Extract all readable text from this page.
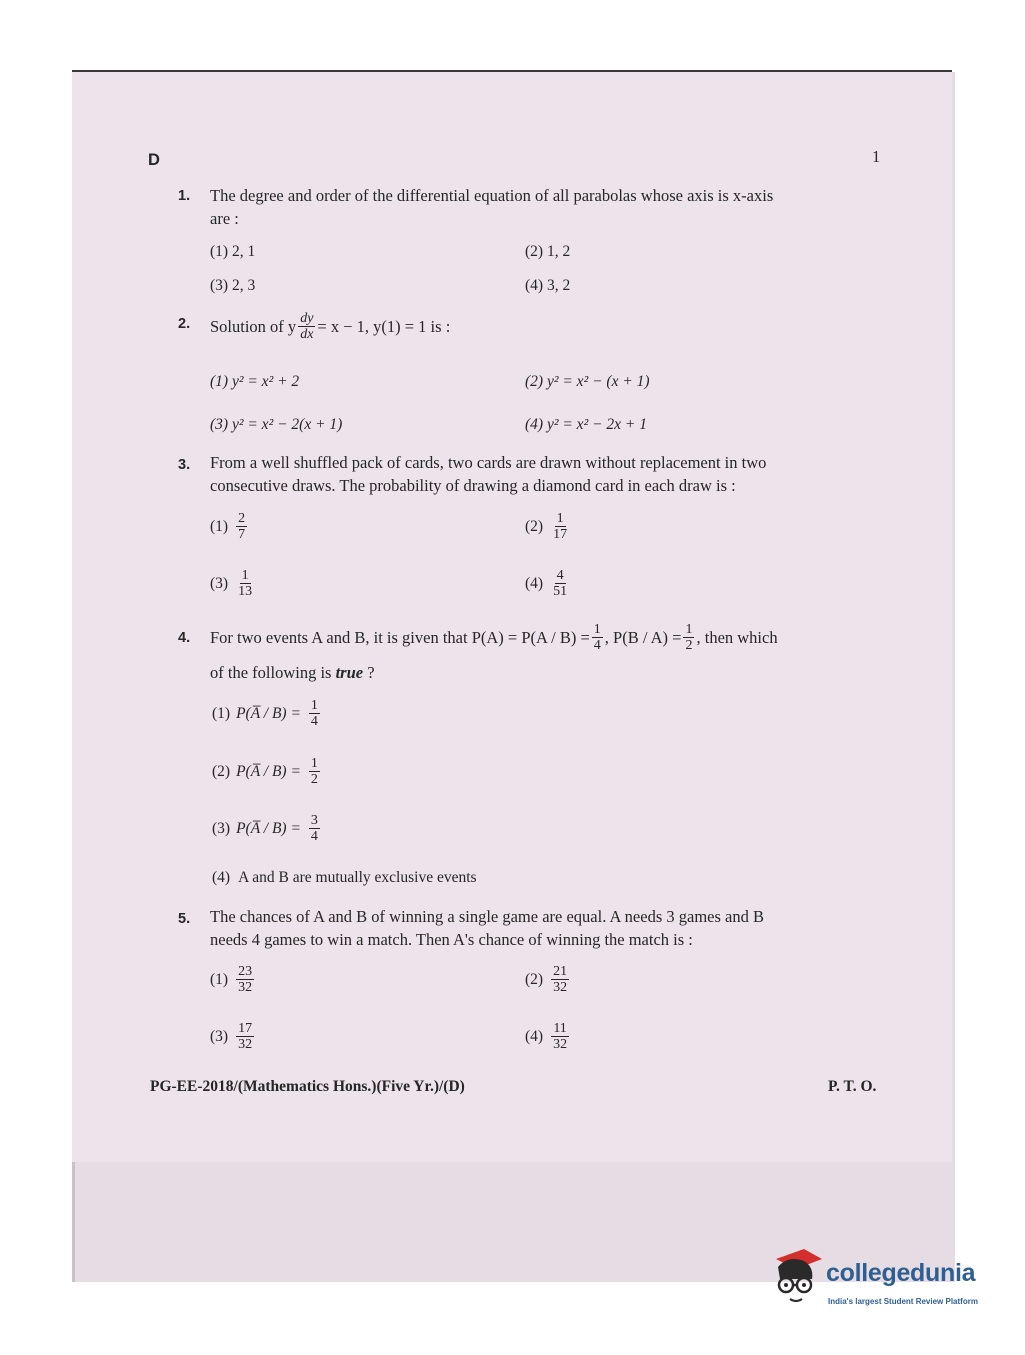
D	1
1. The degree and order of the differential equation of all parabolas whose axis is x-axis
are :
(1) 2, 1	(2) 1, 2
(3) 2, 3	(4) 3, 2
2. Solution of y $\frac{dy}{dx} = x - 1$, y(1) = 1 is :
(1) y² = x² + 2	(2) y² = x² − (x + 1)
(3) y² = x² − 2(x + 1)	(4) y² = x² − 2x + 1
3. From a well shuffled pack of cards, two cards are drawn without replacement in two
consecutive draws. The probability of drawing a diamond card in each draw is :
$(1) \frac{2}{7}$	$(2) \frac{1}{17}$
$(3) \frac{1}{13}$	$(4) \frac{4}{51}$
4. For two events A and B, it is given that $P(A) = P(A / B) = \frac{1}{4}$ , $P(B / A) = \frac{1}{2}$ , then which
of the following is true ?
(1) P(A̅ / $B) = \frac{1}{4}$
(2) P(A̅ / $B) = \frac{1}{2}$
(3) P(A̅ / $B) = \frac{3}{4}$
(4) A and B are mutually exclusive events
5. The chances of A and B of winning a single game are equal. A needs 3 games and B
needs 4 games to win a match. Then A's chance of winning the match is :
$(1) \frac{23}{32}$	$(2) \frac{21}{32}$
$(3) \frac{17}{32}$	$(4) \frac{11}{32}$
PG-EE-2018/(Mathematics Hons.)(Five Yr.)/(D)	P. T. O.
collegedunia
India's largest Student Review Platform
